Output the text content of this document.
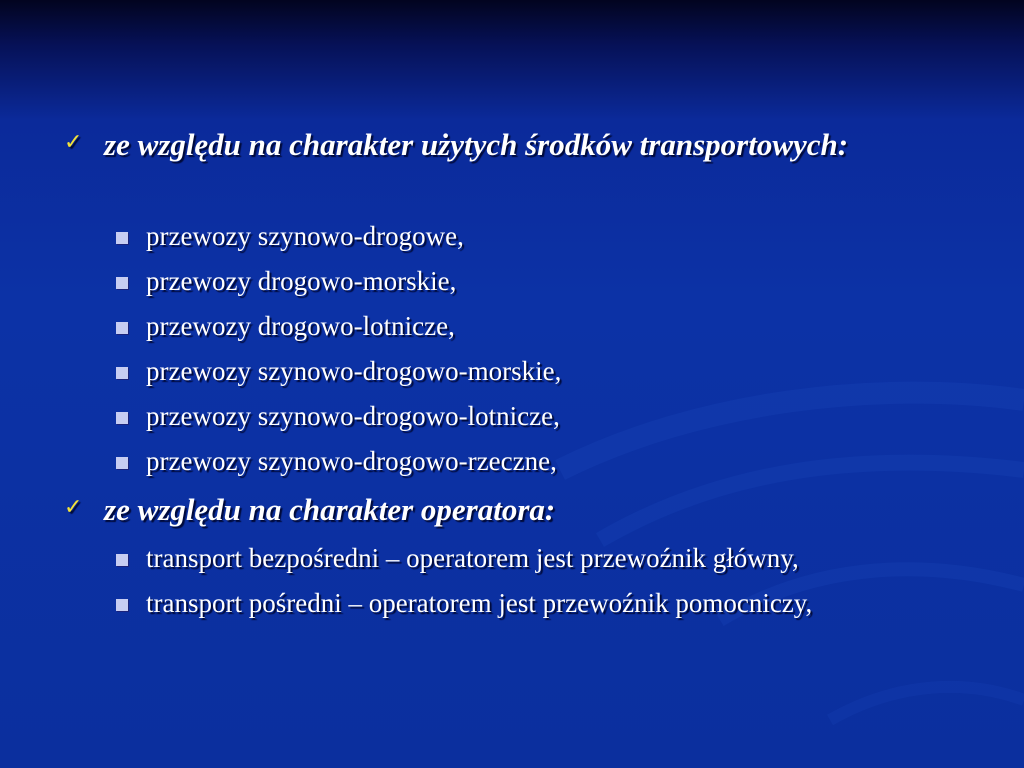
✓ ze względu na charakter użytych środków transportowych:
przewozy szynowo-drogowe,
przewozy drogowo-morskie,
przewozy drogowo-lotnicze,
przewozy szynowo-drogowo-morskie,
przewozy szynowo-drogowo-lotnicze,
przewozy szynowo-drogowo-rzeczne,
✓ ze względu na charakter operatora:
transport bezpośredni – operatorem jest przewoźnik główny,
transport pośredni – operatorem jest przewoźnik pomocniczy,
